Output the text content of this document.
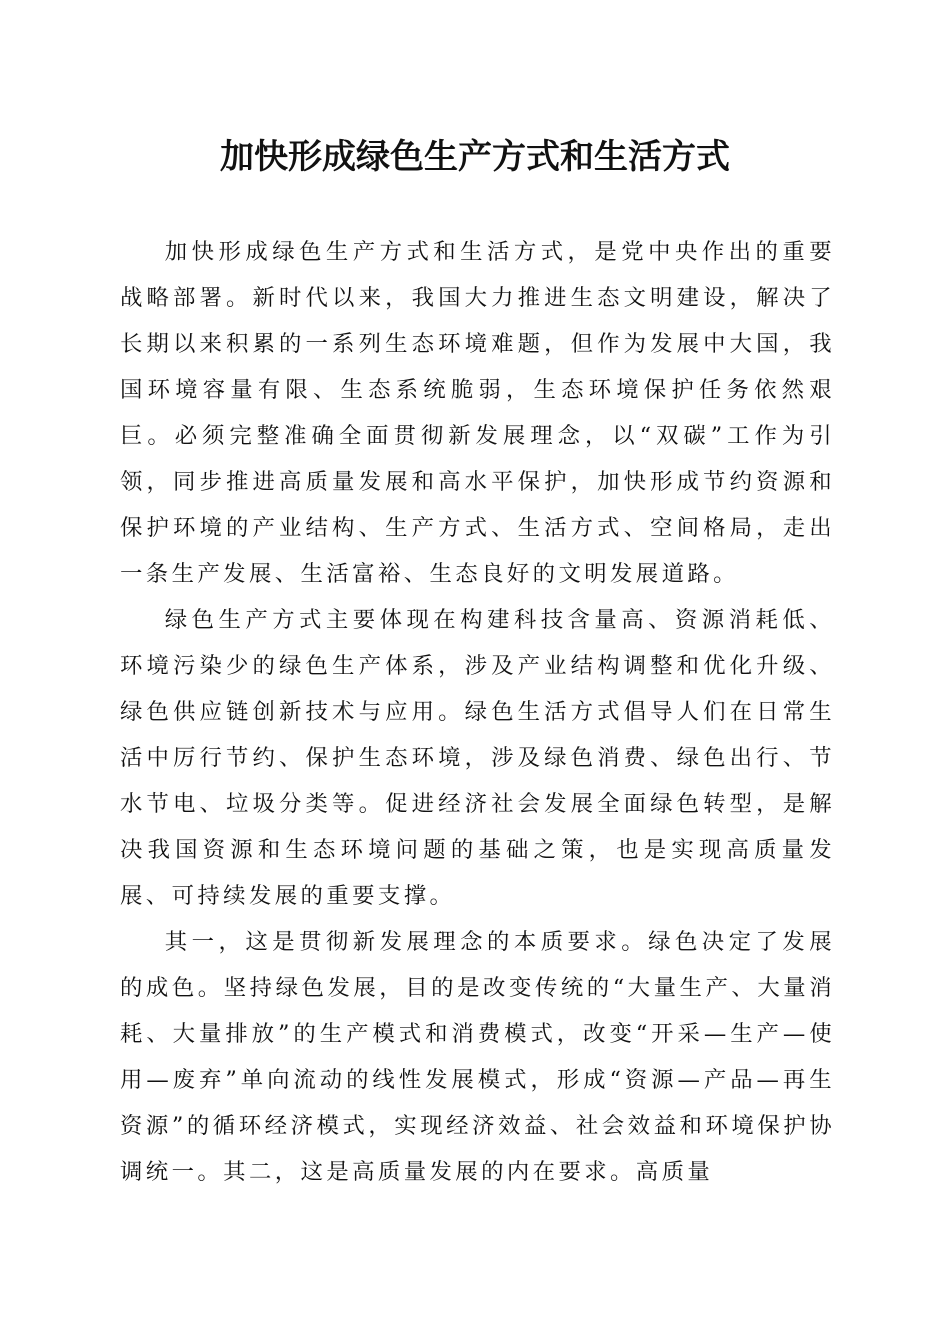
加快形成绿色生产方式和生活方式

加快形成绿色生产方式和生活方式，是党中央作出的重要战略部署。新时代以来，我国大力推进生态文明建设，解决了长期以来积累的一系列生态环境难题，但作为发展中大国，我国环境容量有限、生态系统脆弱，生态环境保护任务依然艰巨。必须完整准确全面贯彻新发展理念，以“双碳”工作为引领，同步推进高质量发展和高水平保护，加快形成节约资源和保护环境的产业结构、生产方式、生活方式、空间格局，走出一条生产发展、生活富裕、生态良好的文明发展道路。

绿色生产方式主要体现在构建科技含量高、资源消耗低、环境污染少的绿色生产体系，涉及产业结构调整和优化升级、绿色供应链创新技术与应用。绿色生活方式倡导人们在日常生活中厉行节约、保护生态环境，涉及绿色消费、绿色出行、节水节电、垃圾分类等。促进经济社会发展全面绿色转型，是解决我国资源和生态环境问题的基础之策，也是实现高质量发展、可持续发展的重要支撑。

其一，这是贯彻新发展理念的本质要求。绿色决定了发展的成色。坚持绿色发展，目的是改变传统的“大量生产、大量消耗、大量排放”的生产模式和消费模式，改变“开采—生产—使用—废弃”单向流动的线性发展模式，形成“资源—产品—再生资源”的循环经济模式，实现经济效益、社会效益和环境保护协调统一。其二，这是高质量发展的内在要求。高质量
